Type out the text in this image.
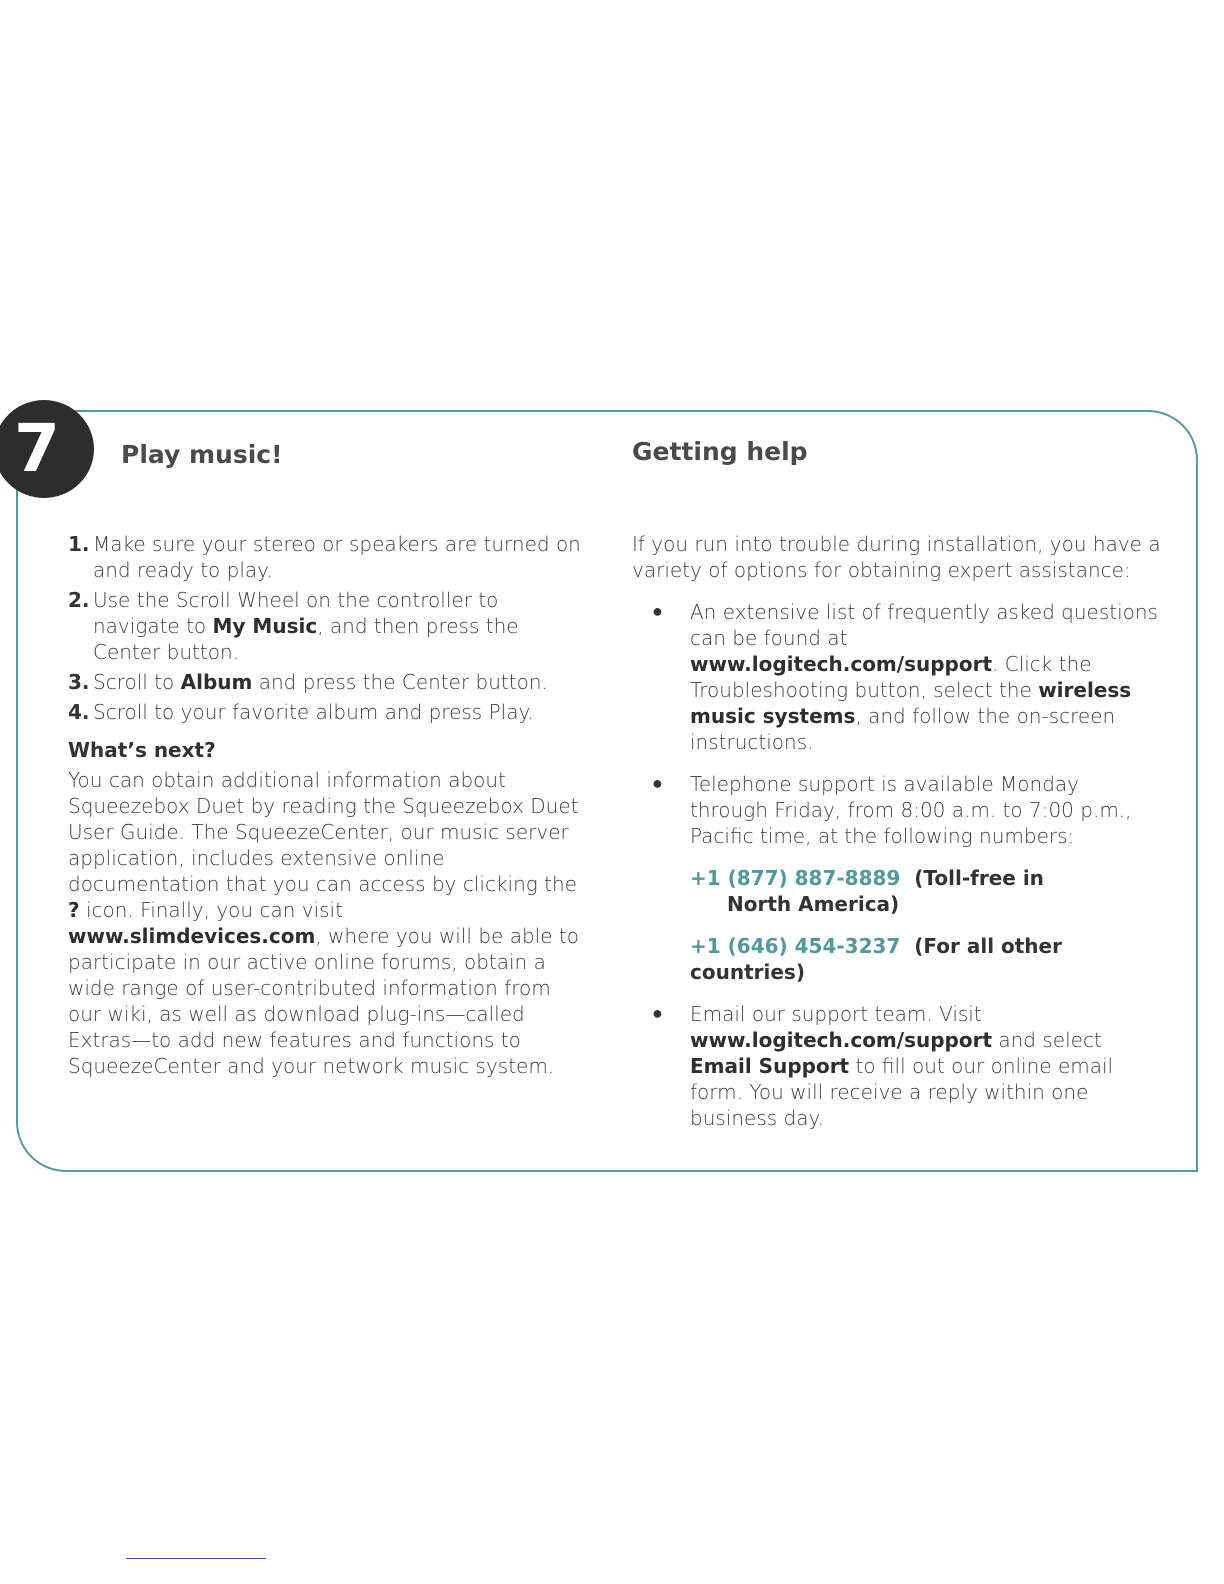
7	Play music!	Getting help
1. Make sure your stereo or speakers are turned on and ready to play.
2. Use the Scroll Wheel on the controller to navigate to My Music, and then press the Center button.
3. Scroll to Album and press the Center button.
4. Scroll to your favorite album and press Play.
What’s next?

You can obtain additional information about Squeezebox Duet by reading the Squeezebox Duet User Guide. The SqueezeCenter, our music server application, includes extensive online documentation that you can access by clicking the ? icon. Finally, you can visit www.slimdevices.com, where you will be able to participate in our active online forums, obtain a wide range of user-contributed information from our wiki, as well as download plug-ins—called Extras—to add new features and functions to SqueezeCenter and your network music system.

If you run into trouble during installation, you have a variety of options for obtaining expert assistance:

● An extensive list of frequently asked questions can be found at www.logitech.com/support. Click the Troubleshooting button, select the wireless music systems, and follow the on-screen instructions.
● Telephone support is available Monday through Friday, from 8:00 a.m. to 7:00 p.m., Pacific time, at the following numbers:
+1 (877) 887-8889 (Toll-free in
North America)
+1 (646) 454-3237 (For all other countries)
● Email our support team. Visit www.logitech.com/support and select Email Support to fill out our online email form. You will receive a reply within one business day.
